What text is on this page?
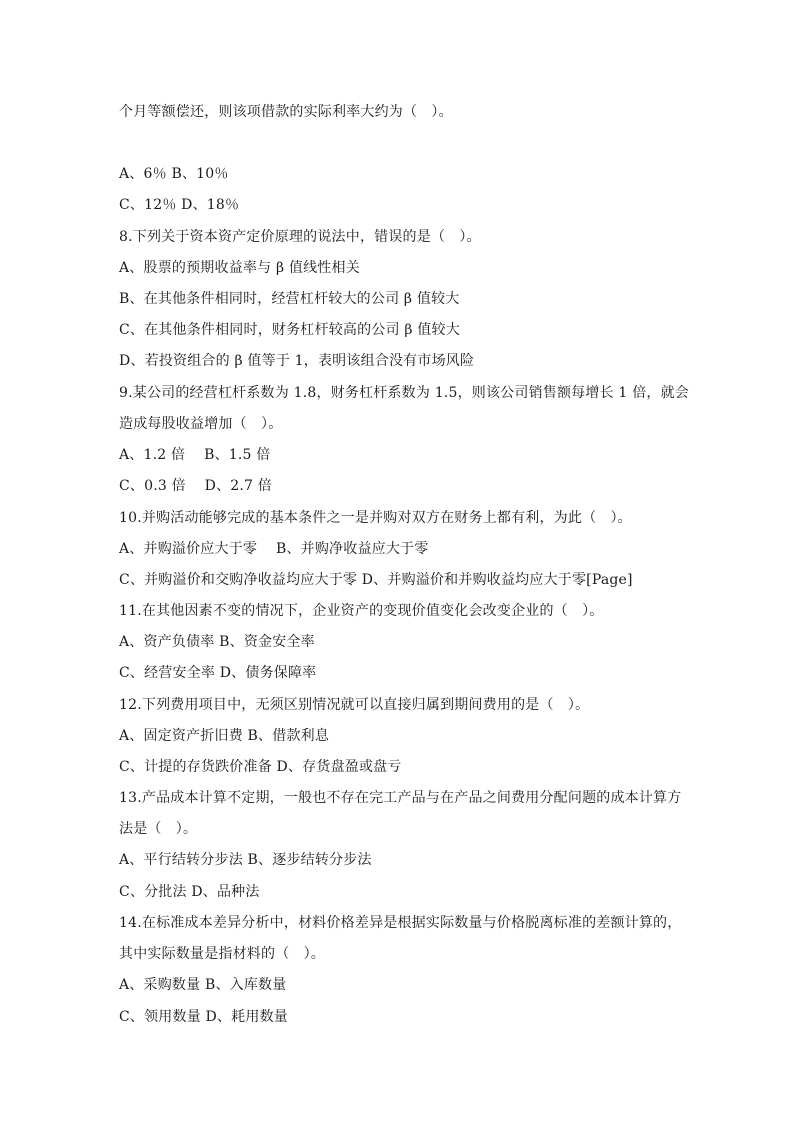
个月等额偿还，则该项借款的实际利率大约为（　）。
A、6％ B、10％
C、12％ D、18％
8.下列关于资本资产定价原理的说法中，错误的是（　）。
A、股票的预期收益率与 β 值线性相关
B、在其他条件相同时，经营杠杆较大的公司 β 值较大
C、在其他条件相同时，财务杠杆较高的公司 β 值较大
D、若投资组合的 β 值等于 1，表明该组合没有市场风险
9.某公司的经营杠杆系数为 1.8，财务杠杆系数为 1.5，则该公司销售额每增长 1 倍，就会
造成每股收益增加（　）。
A、1.2 倍　 B、1.5 倍
C、0.3 倍　 D、2.7 倍
10.并购活动能够完成的基本条件之一是并购对双方在财务上都有利，为此（　）。
A、并购溢价应大于零　 B、并购净收益应大于零
C、并购溢价和交购净收益均应大于零 D、并购溢价和并购收益均应大于零[Page]
11.在其他因素不变的情况下，企业资产的变现价值变化会改变企业的（　）。
A、资产负债率 B、资金安全率
C、经营安全率 D、债务保障率
12.下列费用项目中，无须区别情况就可以直接归属到期间费用的是（　）。
A、固定资产折旧费 B、借款利息
C、计提的存货跌价准备 D、存货盘盈或盘亏
13.产品成本计算不定期，一般也不存在完工产品与在产品之间费用分配问题的成本计算方
法是（　）。
A、平行结转分步法 B、逐步结转分步法
C、分批法 D、品种法
14.在标准成本差异分析中，材料价格差异是根据实际数量与价格脱离标准的差额计算的，
其中实际数量是指材料的（　）。
A、采购数量 B、入库数量
C、领用数量 D、耗用数量
